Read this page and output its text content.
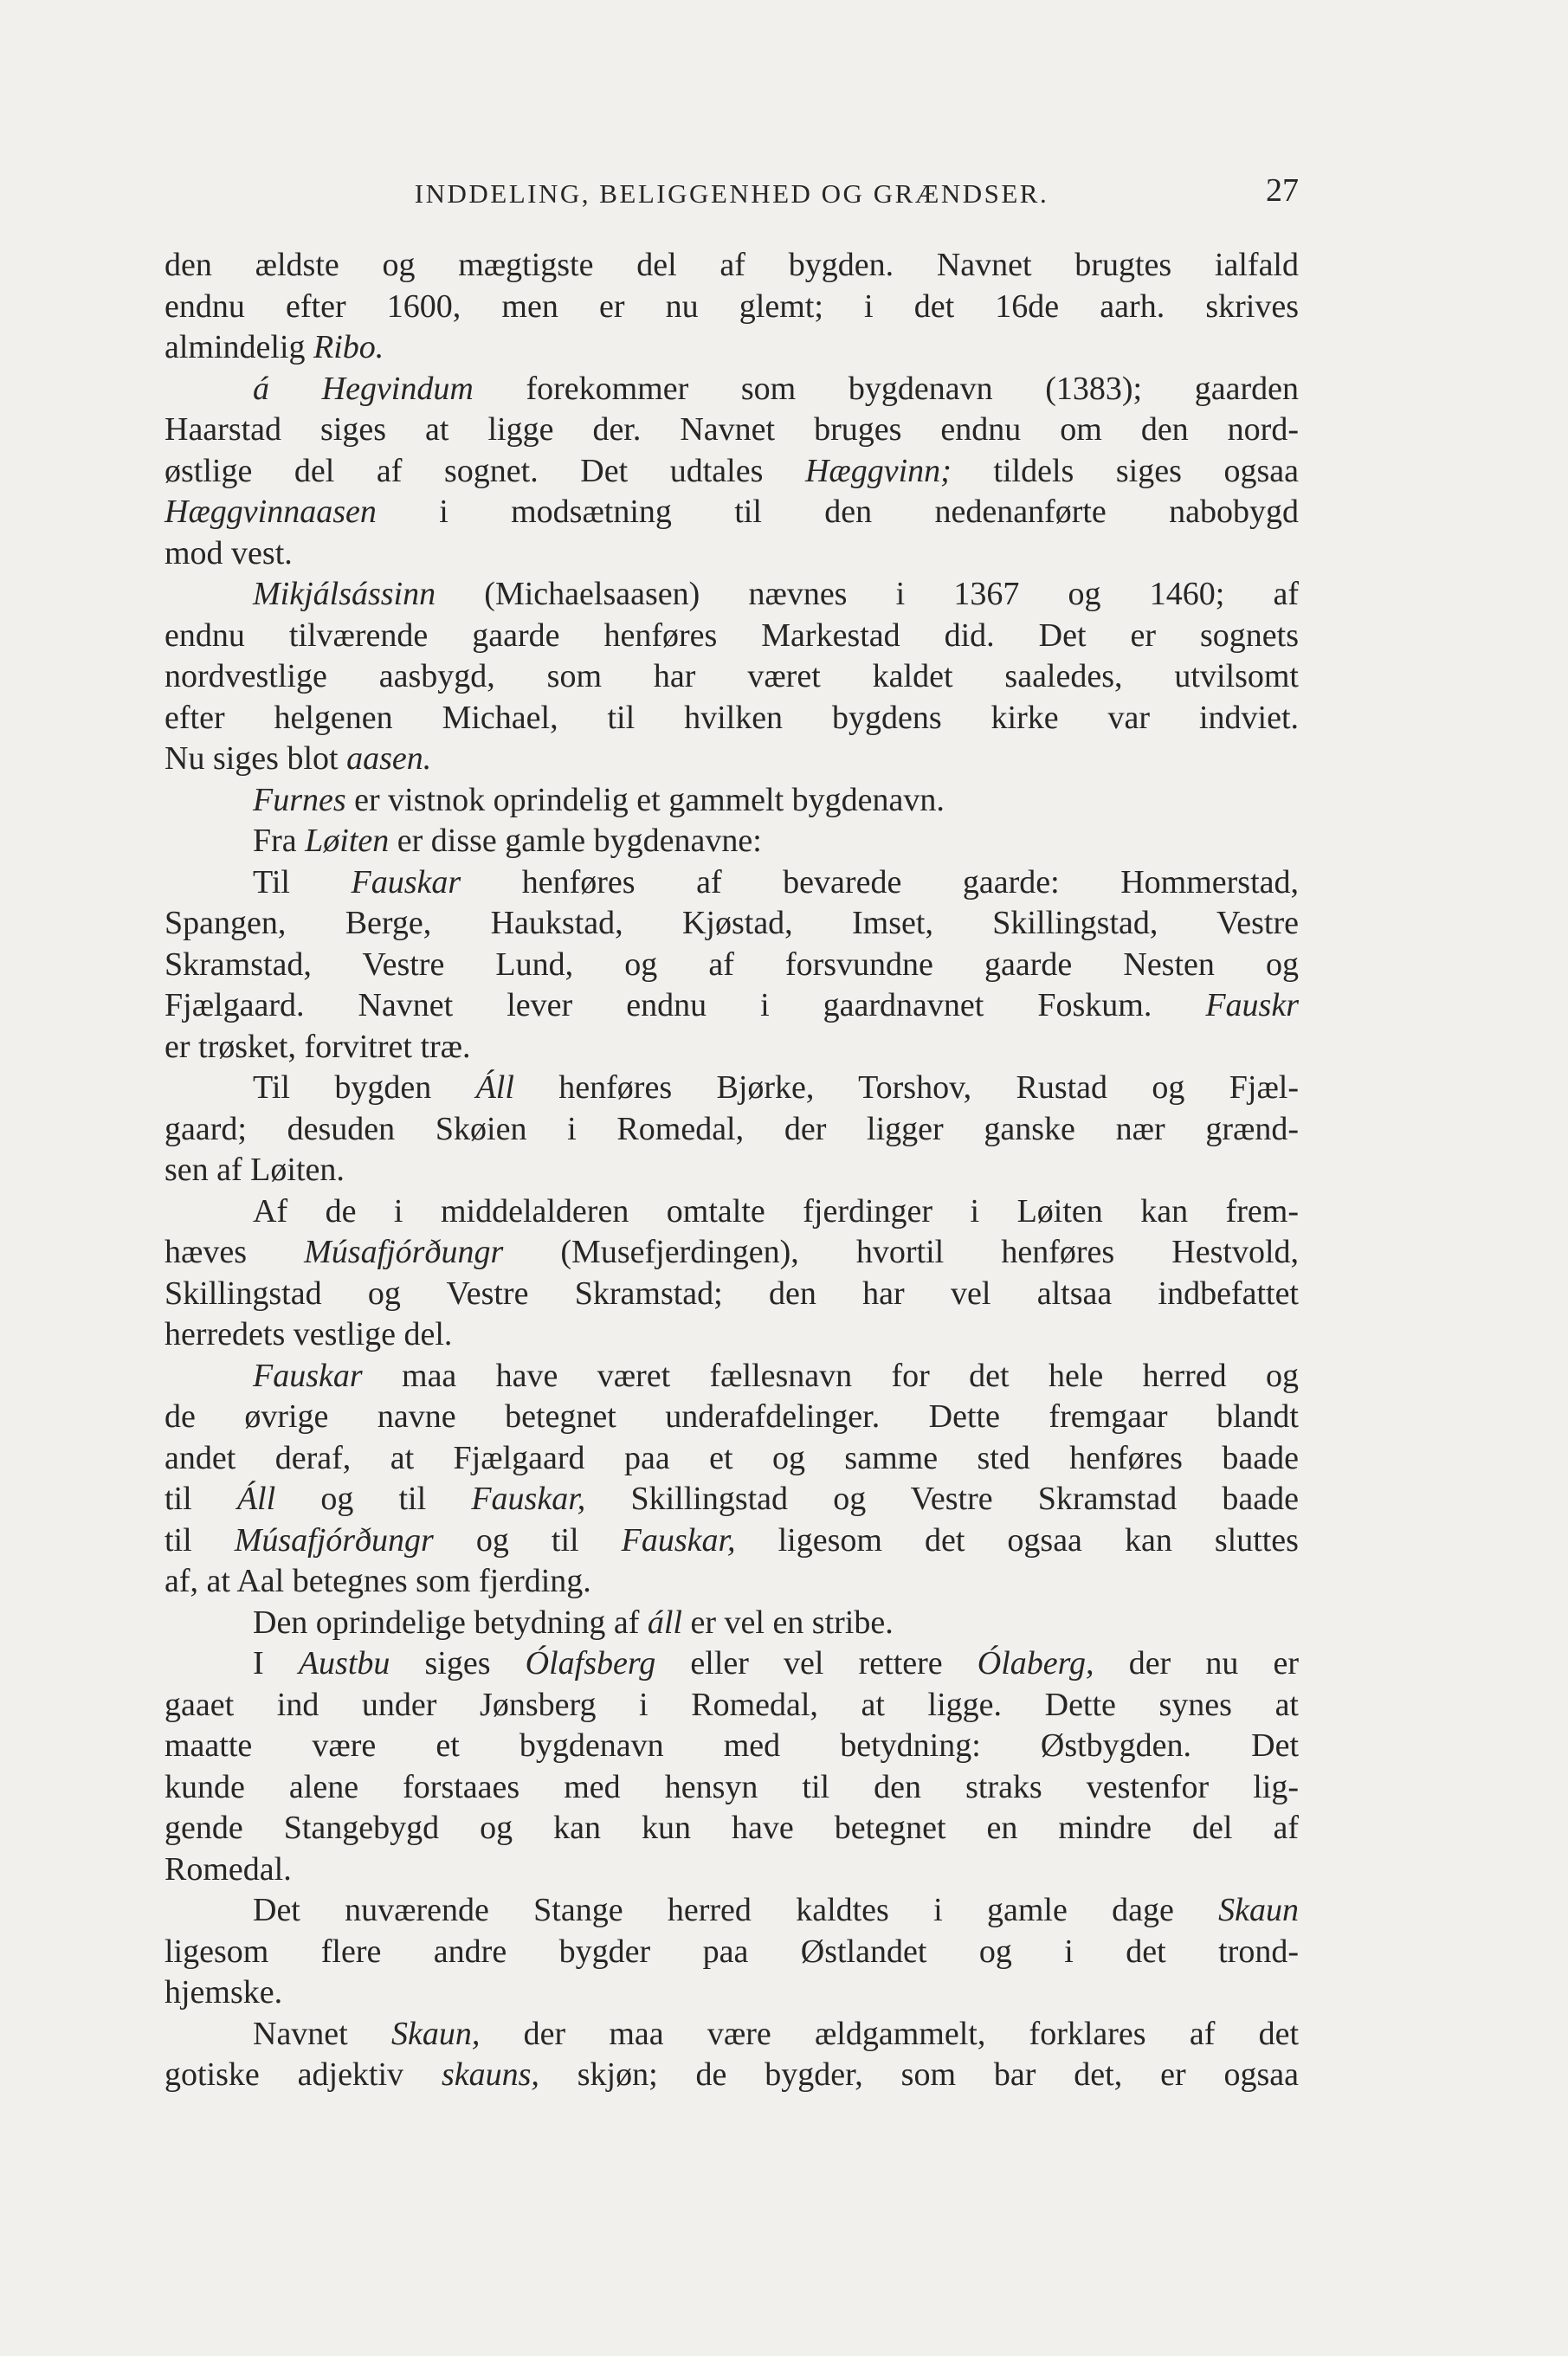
INDDELING, BELIGGENHED OG GRÆNDSER.	27
den ældste og mægtigste del af bygden. Navnet brugtes ialfald
endnu efter 1600, men er nu glemt; i det 16de aarh. skrives
almindelig Ribo.
á Hegvindum forekommer som bygdenavn (1383); gaarden
Haarstad siges at ligge der. Navnet bruges endnu om den nord-
østlige del af sognet. Det udtales Hæggvinn; tildels siges ogsaa
Hæggvinnaasen i modsætning til den nedenanførte nabobygd
mod vest.
Mikjálsássinn (Michaelsaasen) nævnes i 1367 og 1460; af
endnu tilværende gaarde henføres Markestad did. Det er sognets
nordvestlige aasbygd, som har været kaldet saaledes, utvilsomt
efter helgenen Michael, til hvilken bygdens kirke var indviet.
Nu siges blot aasen.
Furnes er vistnok oprindelig et gammelt bygdenavn.
Fra Løiten er disse gamle bygdenavne:
Til Fauskar henføres af bevarede gaarde: Hommerstad,
Spangen, Berge, Haukstad, Kjøstad, Imset, Skillingstad, Vestre
Skramstad, Vestre Lund, og af forsvundne gaarde Nesten og
Fjælgaard. Navnet lever endnu i gaardnavnet Foskum. Fauskr
er trøsket, forvitret træ.
Til bygden Áll henføres Bjørke, Torshov, Rustad og Fjæl-
gaard; desuden Skøien i Romedal, der ligger ganske nær grænd-
sen af Løiten.
Af de i middelalderen omtalte fjerdinger i Løiten kan frem-
hæves Músafjórðungr (Musefjerdingen), hvortil henføres Hestvold,
Skillingstad og Vestre Skramstad; den har vel altsaa indbefattet
herredets vestlige del.
Fauskar maa have været fællesnavn for det hele herred og
de øvrige navne betegnet underafdelinger. Dette fremgaar blandt
andet deraf, at Fjælgaard paa et og samme sted henføres baade
til Áll og til Fauskar, Skillingstad og Vestre Skramstad baade
til Músafjórðungr og til Fauskar, ligesom det ogsaa kan sluttes
af, at Aal betegnes som fjerding.
Den oprindelige betydning af áll er vel en stribe.
I Austbu siges Ólafsberg eller vel rettere Ólaberg, der nu er
gaaet ind under Jønsberg i Romedal, at ligge. Dette synes at
maatte være et bygdenavn med betydning: Østbygden. Det
kunde alene forstaaes med hensyn til den straks vestenfor lig-
gende Stangebygd og kan kun have betegnet en mindre del af
Romedal.
Det nuværende Stange herred kaldtes i gamle dage Skaun
ligesom flere andre bygder paa Østlandet og i det trond-
hjemske.
Navnet Skaun, der maa være ældgammelt, forklares af det
gotiske adjektiv skauns, skjøn; de bygder, som bar det, er ogsaa
